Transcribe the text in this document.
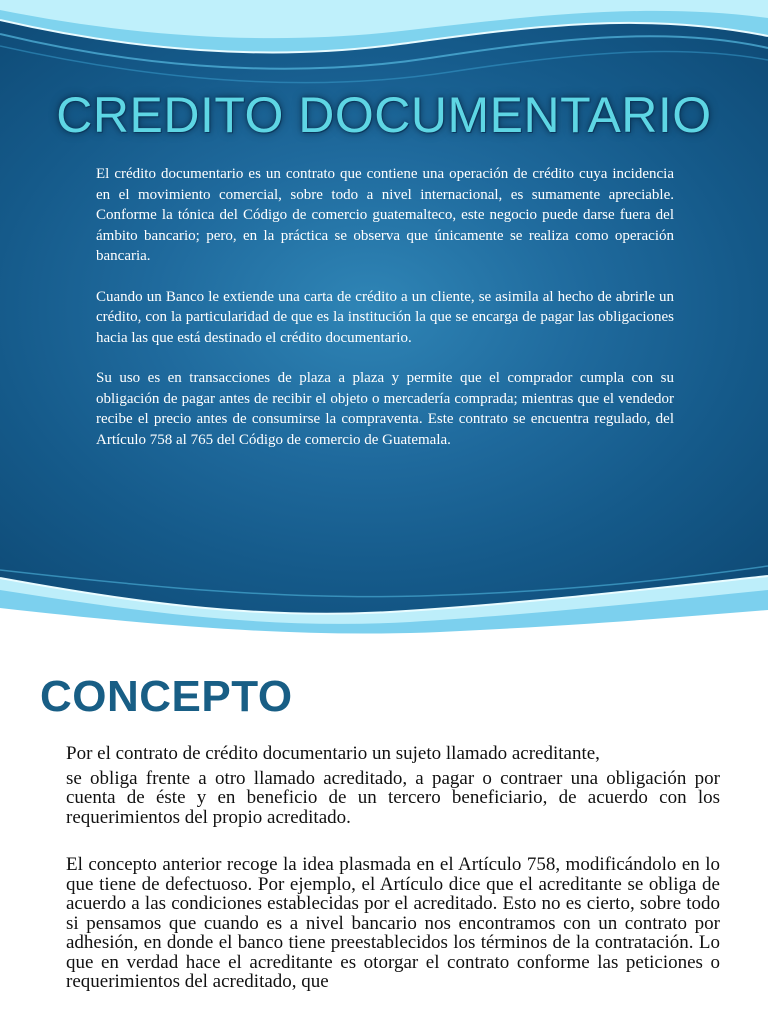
CREDITO DOCUMENTARIO

El crédito documentario es un contrato que contiene una operación de crédito cuya incidencia en el movimiento comercial, sobre todo a nivel internacional, es sumamente apreciable. Conforme la tónica del Código de comercio guatemalteco, este negocio puede darse fuera del ámbito bancario; pero, en la práctica se observa que únicamente se realiza como operación bancaria.

Cuando un Banco le extiende una carta de crédito a un cliente, se asimila al hecho de abrirle un crédito, con la particularidad de que es la institución la que se encarga de pagar las obligaciones hacia las que está destinado el crédito documentario.

Su uso es en transacciones de plaza a plaza y permite que el comprador cumpla con su obligación de pagar antes de recibir el objeto o mercadería comprada; mientras que el vendedor recibe el precio antes de consumirse la compraventa. Este contrato se encuentra regulado, del Artículo 758 al 765 del Código de comercio de Guatemala.

CONCEPTO

Por el contrato de crédito documentario un sujeto llamado acreditante,
se obliga frente a otro llamado acreditado, a pagar o contraer una obligación por cuenta de éste y en beneficio de un tercero beneficiario, de acuerdo con los requerimientos del propio acreditado.

El concepto anterior recoge la idea plasmada en el Artículo 758, modificándolo en lo que tiene de defectuoso. Por ejemplo, el Artículo dice que el acreditante se obliga de acuerdo a las condiciones establecidas por el acreditado. Esto no es cierto, sobre todo si pensamos que cuando es a nivel bancario nos encontramos con un contrato por adhesión, en donde el banco tiene preestablecidos los términos de la contratación. Lo que en verdad hace el acreditante es otorgar el contrato conforme las peticiones o requerimientos del acreditado, que
